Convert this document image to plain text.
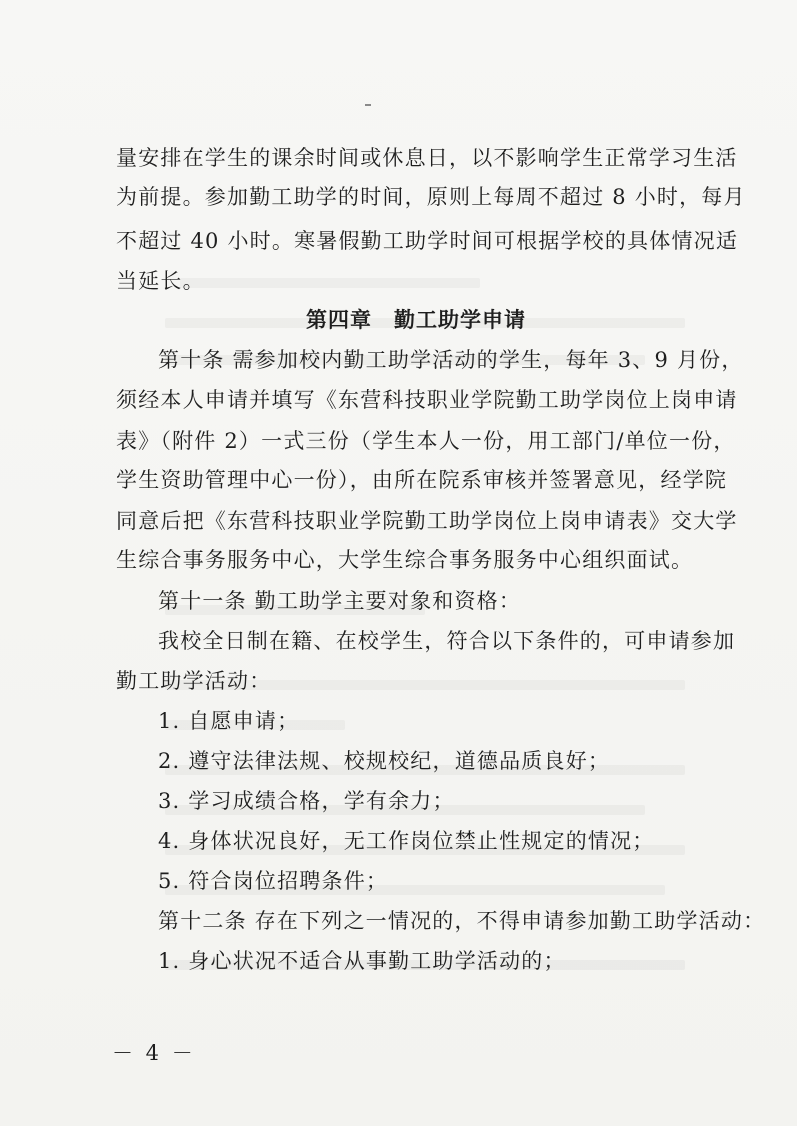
量安排在学生的课余时间或休息日，以不影响学生正常学习生活
为前提。参加勤工助学的时间，原则上每周不超过 8 小时，每月
不超过 40 小时。寒暑假勤工助学时间可根据学校的具体情况适
当延长。
第四章　勤工助学申请
第十条 需参加校内勤工助学活动的学生，每年 3、9 月份，
须经本人申请并填写《东营科技职业学院勤工助学岗位上岗申请
表》（附件 2）一式三份（学生本人一份，用工部门/单位一份，
学生资助管理中心一份），由所在院系审核并签署意见，经学院
同意后把《东营科技职业学院勤工助学岗位上岗申请表》交大学
生综合事务服务中心，大学生综合事务服务中心组织面试。
第十一条 勤工助学主要对象和资格：
我校全日制在籍、在校学生，符合以下条件的，可申请参加
勤工助学活动：
1. 自愿申请；
2. 遵守法律法规、校规校纪，道德品质良好；
3. 学习成绩合格，学有余力；
4. 身体状况良好，无工作岗位禁止性规定的情况；
5. 符合岗位招聘条件；
第十二条 存在下列之一情况的，不得申请参加勤工助学活动：
1. 身心状况不适合从事勤工助学活动的；
－ 4 －
